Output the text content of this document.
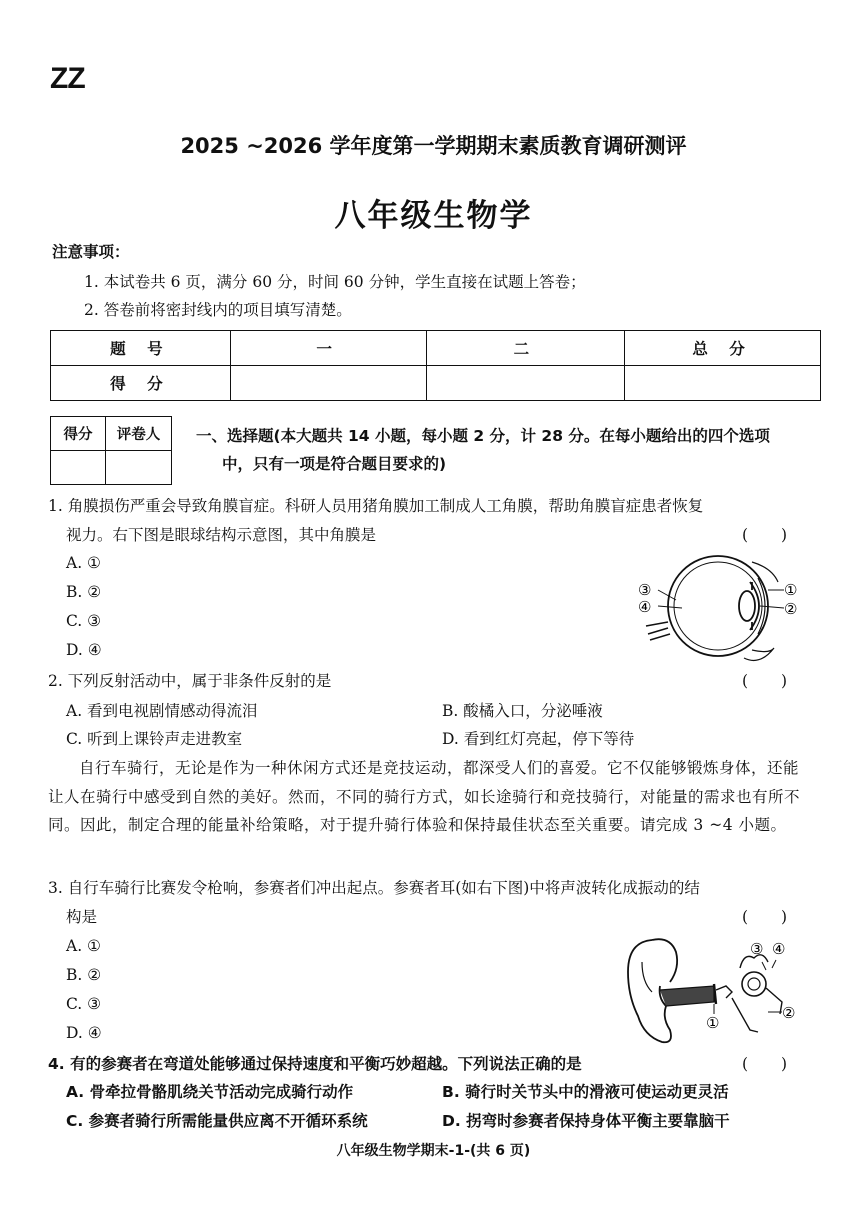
ZZ
2025 ~2026 学年度第一学期期末素质教育调研测评
八年级生物学
注意事项：
1. 本试卷共 6 页，满分 60 分，时间 60 分钟，学生直接在试题上答卷；
2. 答卷前将密封线内的项目填写清楚。
题 号	一	二	总 分
得 分			
得分	评卷人
	一、选择题(本大题共 14 小题，每小题 2 分，计 28 分。在每小题给出的四个选项
中，只有一项是符合题目要求的)
1. 角膜损伤严重会导致角膜盲症。科研人员用猪角膜加工制成人工角膜，帮助角膜盲症患者恢复
视力。右下图是眼球结构示意图，其中角膜是	( )
A. ①
B. ②
C. ③
D. ④
③
④
①
②
2. 下列反射活动中，属于非条件反射的是	( )
A. 看到电视剧情感动得流泪	B. 酸橘入口，分泌唾液
C. 听到上课铃声走进教室	D. 看到红灯亮起，停下等待
自行车骑行，无论是作为一种休闲方式还是竞技运动，都深受人们的喜爱。它不仅能够锻炼身体，还能让人在骑行中感受到自然的美好。然而，不同的骑行方式，如长途骑行和竞技骑行，对能量的需求也有所不同。因此，制定合理的能量补给策略，对于提升骑行体验和保持最佳状态至关重要。请完成 3 ~4 小题。
3. 自行车骑行比赛发令枪响，参赛者们冲出起点。参赛者耳(如右下图)中将声波转化成振动的结
构是	( )
A. ①
B. ②
C. ③
D. ④
③ ④
②
①
4. 有的参赛者在弯道处能够通过保持速度和平衡巧妙超越。下列说法正确的是	( )
A. 骨牵拉骨骼肌绕关节活动完成骑行动作	B. 骑行时关节头中的滑液可使运动更灵活
C. 参赛者骑行所需能量供应离不开循环系统	D. 拐弯时参赛者保持身体平衡主要靠脑干
八年级生物学期末-1-(共 6 页)
